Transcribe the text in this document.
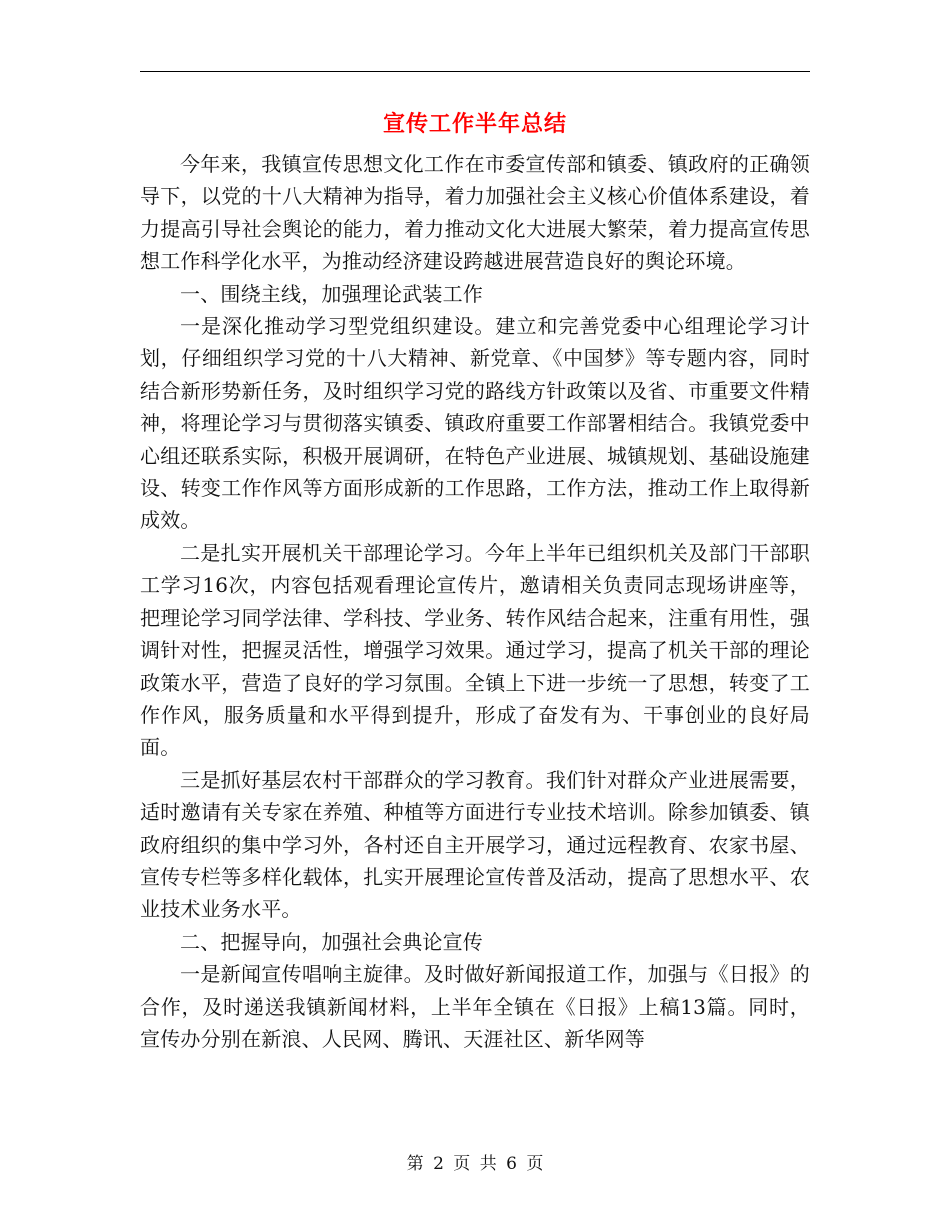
宣传工作半年总结

今年来，我镇宣传思想文化工作在市委宣传部和镇委、镇政府的正确领导下，以党的十八大精神为指导，着力加强社会主义核心价值体系建设，着力提高引导社会舆论的能力，着力推动文化大进展大繁荣，着力提高宣传思想工作科学化水平，为推动经济建设跨越进展营造良好的舆论环境。

一、围绕主线，加强理论武装工作

一是深化推动学习型党组织建设。建立和完善党委中心组理论学习计划，仔细组织学习党的十八大精神、新党章、《中国梦》等专题内容，同时结合新形势新任务，及时组织学习党的路线方针政策以及省、市重要文件精神，将理论学习与贯彻落实镇委、镇政府重要工作部署相结合。我镇党委中心组还联系实际，积极开展调研，在特色产业进展、城镇规划、基础设施建设、转变工作作风等方面形成新的工作思路，工作方法，推动工作上取得新成效。

二是扎实开展机关干部理论学习。今年上半年已组织机关及部门干部职工学习16次，内容包括观看理论宣传片，邀请相关负责同志现场讲座等，把理论学习同学法律、学科技、学业务、转作风结合起来，注重有用性，强调针对性，把握灵活性，增强学习效果。通过学习，提高了机关干部的理论政策水平，营造了良好的学习氛围。全镇上下进一步统一了思想，转变了工作作风，服务质量和水平得到提升，形成了奋发有为、干事创业的良好局面。

三是抓好基层农村干部群众的学习教育。我们针对群众产业进展需要，适时邀请有关专家在养殖、种植等方面进行专业技术培训。除参加镇委、镇政府组织的集中学习外，各村还自主开展学习，通过远程教育、农家书屋、宣传专栏等多样化载体，扎实开展理论宣传普及活动，提高了思想水平、农业技术业务水平。

二、把握导向，加强社会典论宣传

一是新闻宣传唱响主旋律。及时做好新闻报道工作，加强与《日报》的合作，及时递送我镇新闻材料，上半年全镇在《日报》上稿13篇。同时，宣传办分别在新浪、人民网、腾讯、天涯社区、新华网等

第 2 页 共 6 页
